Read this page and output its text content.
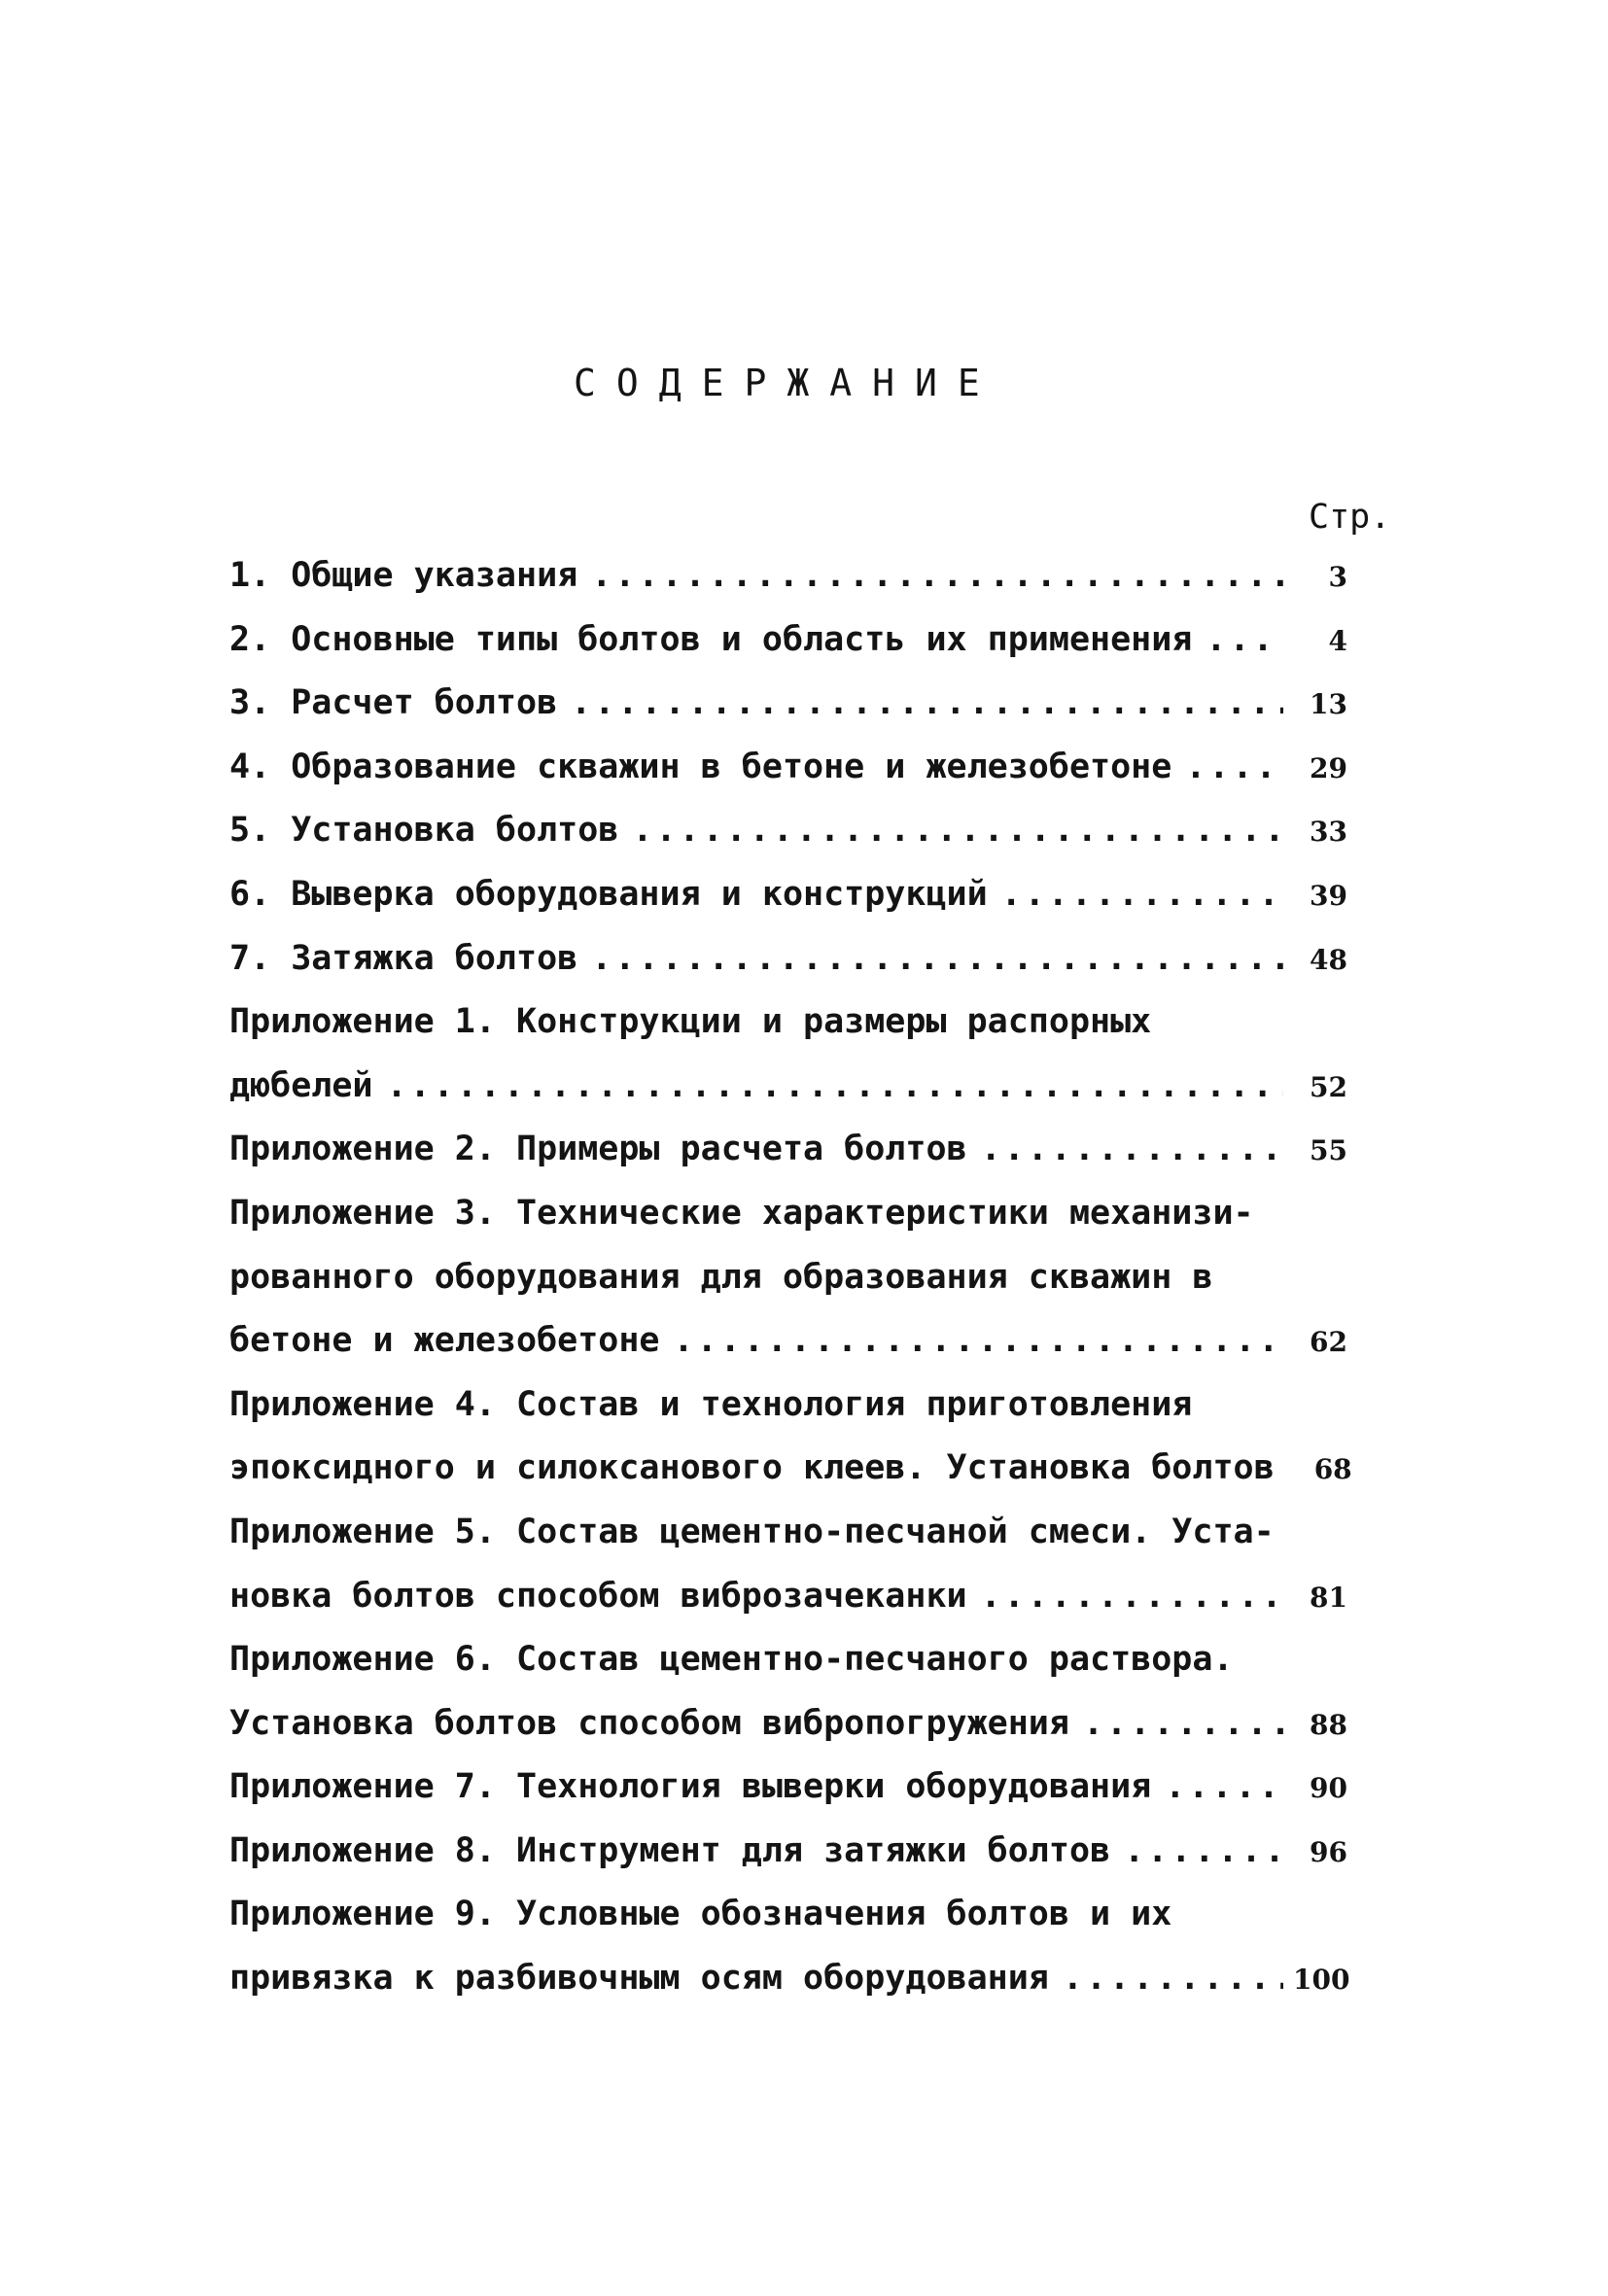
СОДЕРЖАНИЕ
Стр.
1. Общие указания .....	3
2. Основные типы болтов и область их применения .....	4
3. Расчет болтов .....	13
4. Образование скважин в бетоне и железобетоне .....	29
5. Установка болтов .....	33
6. Выверка оборудования и конструкций .....	39
7. Затяжка болтов .....	48
Приложение 1. Конструкции и размеры распорных
дюбелей .....	52
Приложение 2. Примеры расчета болтов .....	55
Приложение 3. Технические характеристики механизи-
рованного оборудования для образования скважин в
бетоне и железобетоне .....	62
Приложение 4. Состав и технология приготовления
эпоксидного и силоксанового клеев. Установка болтов	68
Приложение 5. Состав цементно-песчаной смеси. Уста-
новка болтов способом виброзачеканки .....	81
Приложение 6. Состав цементно-песчаного раствора.
Установка болтов способом вибропогружения .....	88
Приложение 7. Технология выверки оборудования .....	90
Приложение 8. Инструмент для затяжки болтов .....	96
Приложение 9. Условные обозначения болтов и их
привязка к разбивочным осям оборудования .....	100
